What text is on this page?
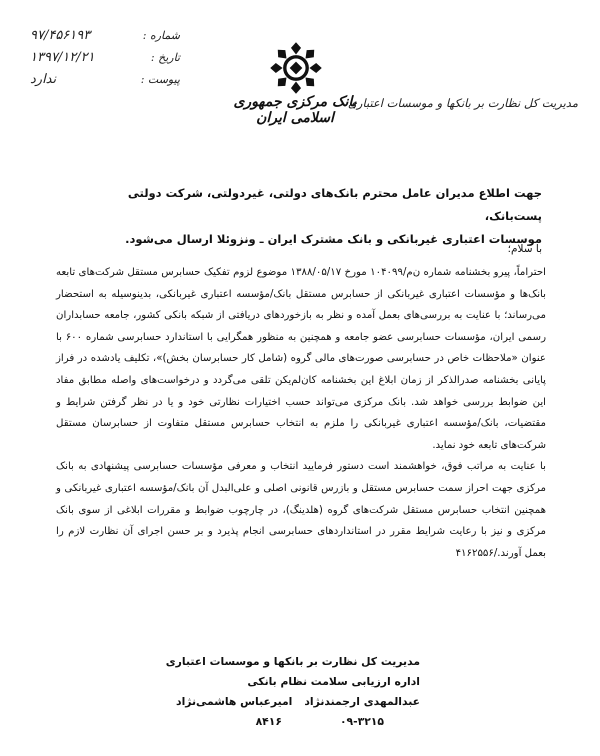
شماره :
۹۷/۴۵۶۱۹۳
تاریخ :
۱۳۹۷/۱۲/۲۱
پیوست :
ندارد
بانک مرکزی جمهوری اسلامی ایران
مدیریت کل نظارت بر بانکها و موسسات اعتباری
جهت اطلاع مدیران عامل محترم بانک‌های دولتی، غیردولتی، شرکت دولتی پست‌بانک،
موسسات اعتباری غیربانکی و بانک مشترک ایران ـ ونزوئلا ارسال می‌شود.
با سلام؛

احتراماً، پیرو بخشنامه شماره ن‌م/۱۰۴۰۹۹ مورخ ۱۳۸۸/۰۵/۱۷ موضوع لزوم تفکیک حسابرس مستقل شرکت‌های تابعه بانک‌ها و مؤسسات اعتباری غیربانکی از حسابرس مستقل بانک/مؤسسه اعتباری غیربانکی، بدینوسیله به استحضار می‌رساند؛ با عنایت به بررسی‌های بعمل آمده و نظر به بازخوردهای دریافتی از شبکه بانکی کشور، جامعه حسابداران رسمی ایران، مؤسسات حسابرسی عضو جامعه و همچنین به منظور همگرایی با استاندارد حسابرسی شماره ۶۰۰ با عنوان «ملاحظات خاص در حسابرسی صورت‌های مالی گروه (شامل کار حسابرسان بخش)»، تکلیف یادشده در فراز پایانی بخشنامه صدرالذکر از زمان ابلاغ این بخشنامه کان‌لم‌یکن تلقی می‌گردد و درخواست‌های واصله مطابق مفاد این ضوابط بررسی خواهد شد. بانک مرکزی می‌تواند حسب اختیارات نظارتی خود و یا در نظر گرفتن شرایط و مقتضیات، بانک/مؤسسه اعتباری غیربانکی را ملزم به انتخاب حسابرس مستقل متفاوت از حسابرسان مستقل شرکت‌های تابعه خود نماید.

با عنایت به مراتب فوق، خواهشمند است دستور فرمایید انتخاب و معرفی مؤسسات حسابرسی پیشنهادی به بانک مرکزی جهت احراز سمت حسابرس مستقل و بازرس قانونی اصلی و علی‌البدل آن بانک/مؤسسه اعتباری غیربانکی و همچنین انتخاب حسابرس مستقل شرکت‌های گروه (هلدینگ)، در چارچوب ضوابط و مقررات ابلاغی از سوی بانک مرکزی و نیز با رعایت شرایط مقرر در استانداردهای حسابرسی انجام پذیرد و بر حسن اجرای آن نظارت لازم را بعمل آورند./۴۱۶۲۵۵۶

مدیریت کل نظارت بر بانکها و موسسات اعتباری
اداره ارزیابی سلامت نظام بانکی
عبدالمهدی ارجمندنژاد
امیرعباس هاشمی‌نژاد
۰۹-۳۲۱۵
۸۴۱۶
